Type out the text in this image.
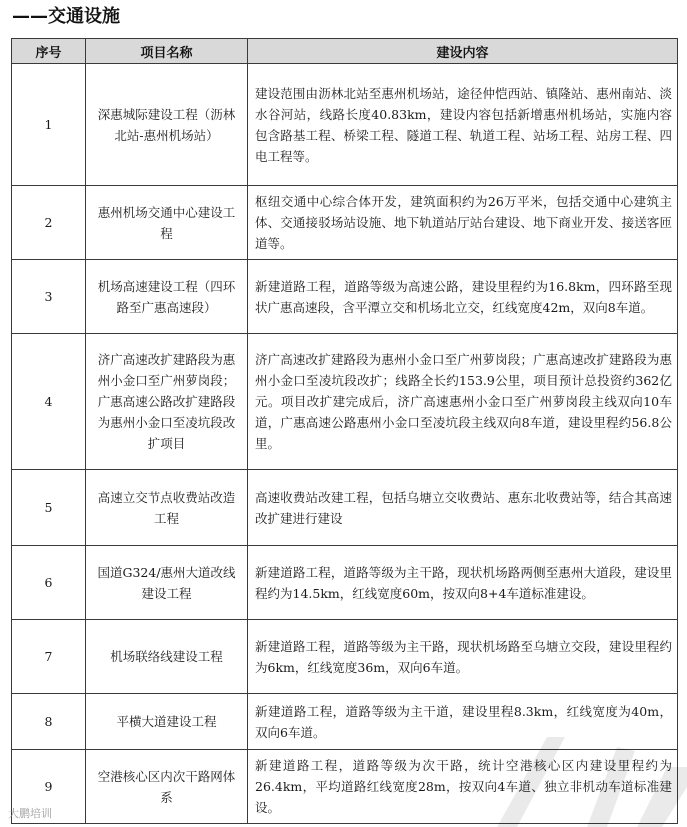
——交通设施
序号	项目名称	建设内容
1	深惠城际建设工程（沥林北站-惠州机场站）	建设范围由沥林北站至惠州机场站，途径仲恺西站、镇隆站、惠州南站、淡水谷河站，线路长度40.83km，建设内容包括新增惠州机场站，实施内容包含路基工程、桥梁工程、隧道工程、轨道工程、站场工程、站房工程、四电工程等。
2	惠州机场交通中心建设工程	枢纽交通中心综合体开发，建筑面积约为26万平米，包括交通中心建筑主体、交通接驳场站设施、地下轨道站厅站台建设、地下商业开发、接送客匝道等。
3	机场高速建设工程（四环路至广惠高速段）	新建道路工程，道路等级为高速公路，建设里程约为16.8km，四环路至现状广惠高速段，含平潭立交和机场北立交，红线宽度42m，双向8车道。
4	济广高速改扩建路段为惠州小金口至广州萝岗段；广惠高速公路改扩建路段为惠州小金口至凌坑段改扩项目	济广高速改扩建路段为惠州小金口至广州萝岗段；广惠高速改扩建路段为惠州小金口至凌坑段改扩；线路全长约153.9公里，项目预计总投资约362亿元。项目改扩建完成后，济广高速惠州小金口至广州萝岗段主线双向10车道，广惠高速公路惠州小金口至凌坑段主线双向8车道，建设里程约56.8公里。
5	高速立交节点收费站改造工程	高速收费站改建工程，包括乌塘立交收费站、惠东北收费站等，结合其高速改扩建进行建设
6	国道G324/惠州大道改线建设工程	新建道路工程，道路等级为主干路，现状机场路两侧至惠州大道段，建设里程约为14.5km，红线宽度60m，按双向8+4车道标准建设。
7	机场联络线建设工程	新建道路工程，道路等级为主干路，现状机场路至乌塘立交段，建设里程约为6km，红线宽度36m，双向6车道。
8	平横大道建设工程	新建道路工程，道路等级为主干道，建设里程8.3km，红线宽度为40m，双向6车道。
9	空港核心区内次干路网体系	新建道路工程，道路等级为次干路，统计空港核心区内建设里程约为26.4km，平均道路红线宽度28m，按双向4车道、独立非机动车道标准建设。
大鹏培训
